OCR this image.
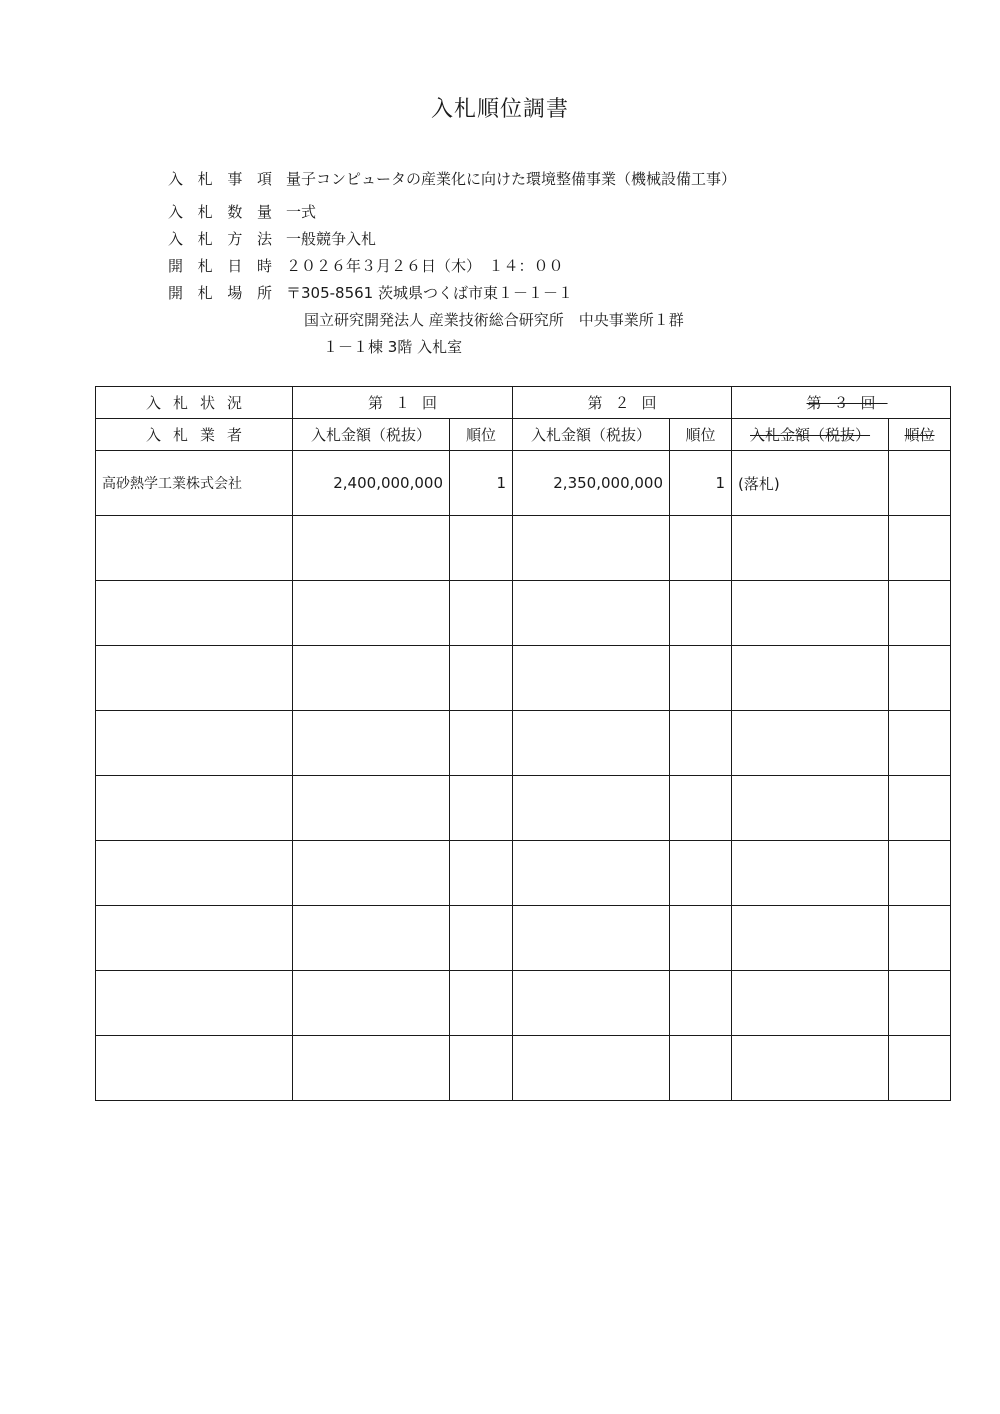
入札順位調書
入 札 事 項 量子コンピュータの産業化に向けた環境整備事業（機械設備工事）
入 札 数 量 一式
入 札 方 法 一般競争入札
開 札 日 時 ２０２６年３月２６日（木）　１４：００
開 札 場 所 〒305-8561 茨城県つくば市東１－１－１
国立研究開発法人 産業技術総合研究所　中央事業所１群
１－１棟 3階 入札室
入札状況	第１回		第２回		第３回	
入札業者	入札金額（税抜）	順位	入札金額（税抜）	順位	入札金額（税抜）	順位
高砂熱学工業株式会社	2,400,000,000	1	2,350,000,000	1	(落札)	
